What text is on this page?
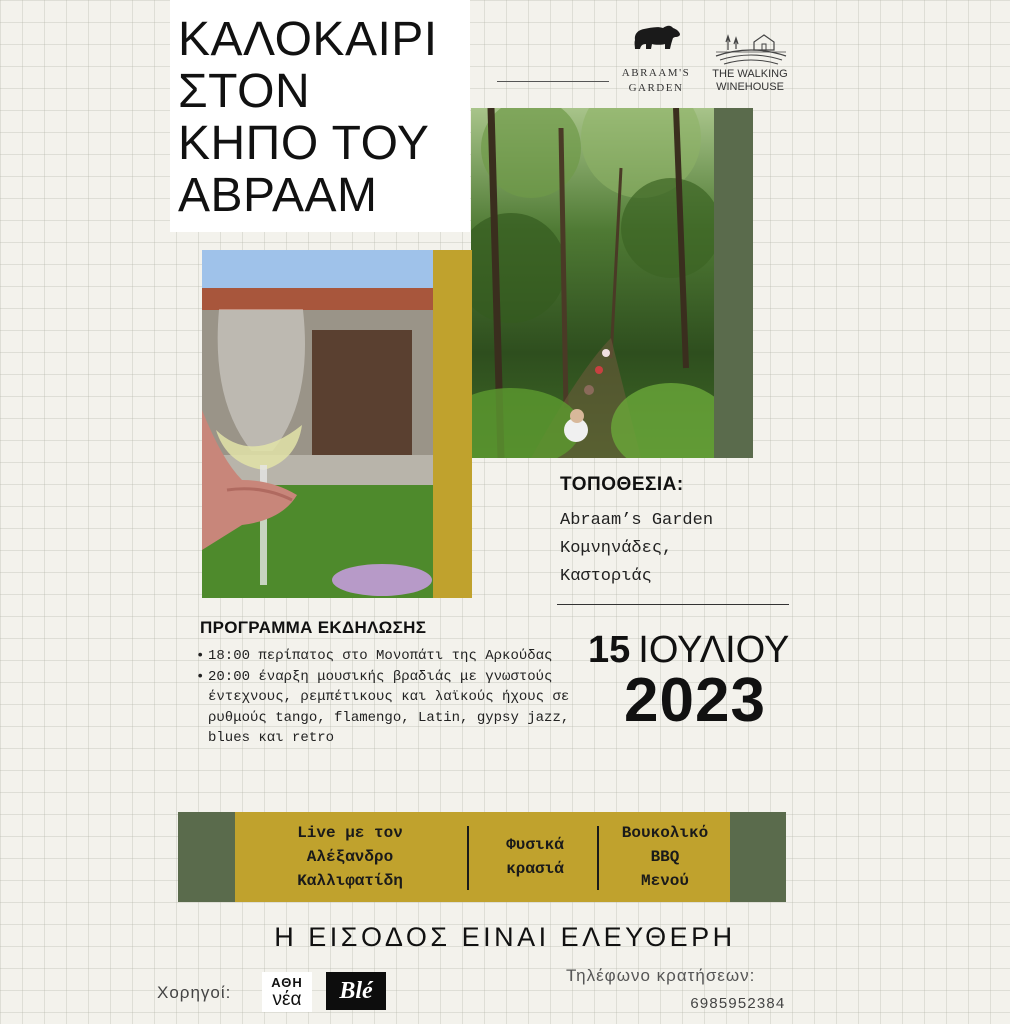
ΚΑΛΟΚΑΙΡΙ
ΣΤΟΝ
ΚΗΠΟ ΤΟΥ
ΑΒΡΑΑΜ
ABRAAM'S
GARDEN
THE WALKING
WINEHOUSE
ΤΟΠΟΘΕΣΙΑ:
Abraam’s Garden
Κομνηνάδες,
Καστοριάς
ΠΡΟΓΡΑΜΜΑ ΕΚΔΗΛΩΣΗΣ
• 18:00 περίπατος στο Μονοπάτι της Αρκούδας
• 20:00 έναρξη μουσικής βραδιάς με γνωστούς έντεχνους, ρεμπέτικους και λαϊκούς ήχους σε ρυθμούς tango, flamengo, Latin, gypsy jazz, blues και retro
15 ΙΟΥΛΙΟΥ
2023
Live με τον
Αλέξανδρο
Καλλιφατίδη
Φυσικά
κρασιά
Βουκολικό
BBQ
Μενού
Η ΕΙΣΟΔΟΣ ΕΙΝΑΙ ΕΛΕΥΘΕΡΗ
Χορηγοί:
ΑΘΗ
νέα	Blé
Τηλέφωνο κρατήσεων:
6985952384
